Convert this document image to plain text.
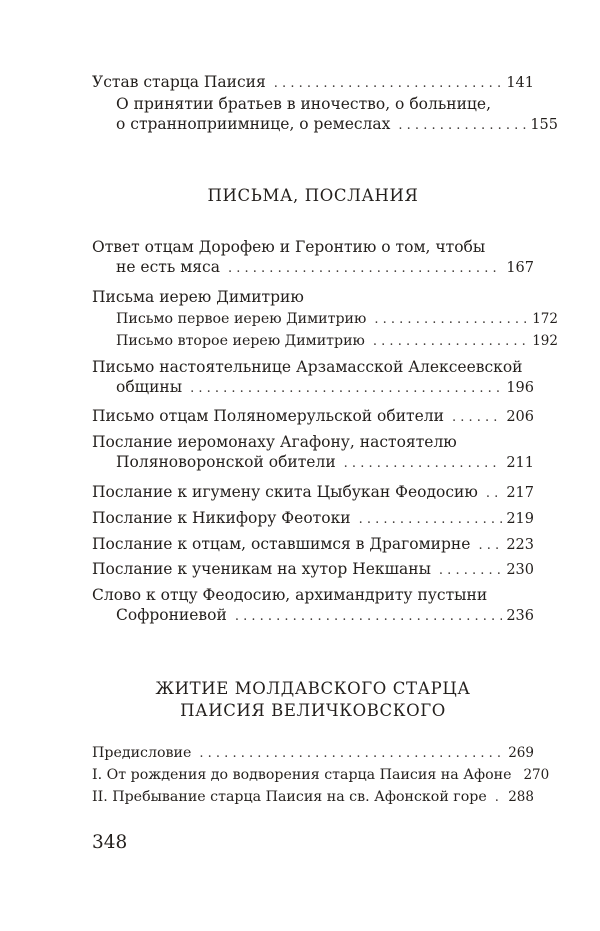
Устав старца Паисия . . .	141
О принятии братьев в иночество, о больнице,
о странноприимнице, о ремеслах . . .	155
ПИСЬМА, ПОСЛАНИЯ
Ответ отцам Дорофею и Геронтию о том, чтобы
не есть мяса . . .	167
Письма иерею Димитрию
Письмо первое иерею Димитрию . . .	172
Письмо второе иерею Димитрию . . .	192
Письмо настоятельнице Арзамасской Алексеевской
общины . . .	196
Письмо отцам Поляномерульской обители . . .	206
Послание иеромонаху Агафону, настоятелю
Поляноворонской обители . . .	211
Послание к игумену скита Цыбукан Феодосию . . . 217
Послание к Никифору Феотоки . . .	219
Послание к отцам, оставшимся в Драгомирне . . . 223
Послание к ученикам на хутор Некшаны . . .	230
Слово к отцу Феодосию, архимандриту пустыни
Софрониевой . . .	236
ЖИТИЕ МОЛДАВСКОГО СТАРЦА
ПАИСИЯ ВЕЛИЧКОВСКОГО
Предисловие . . .	269
I. От рождения до водворения старца Паисия на Афоне 270
II. Пребывание старца Паисия на св. Афонской горе . . . 288
348
